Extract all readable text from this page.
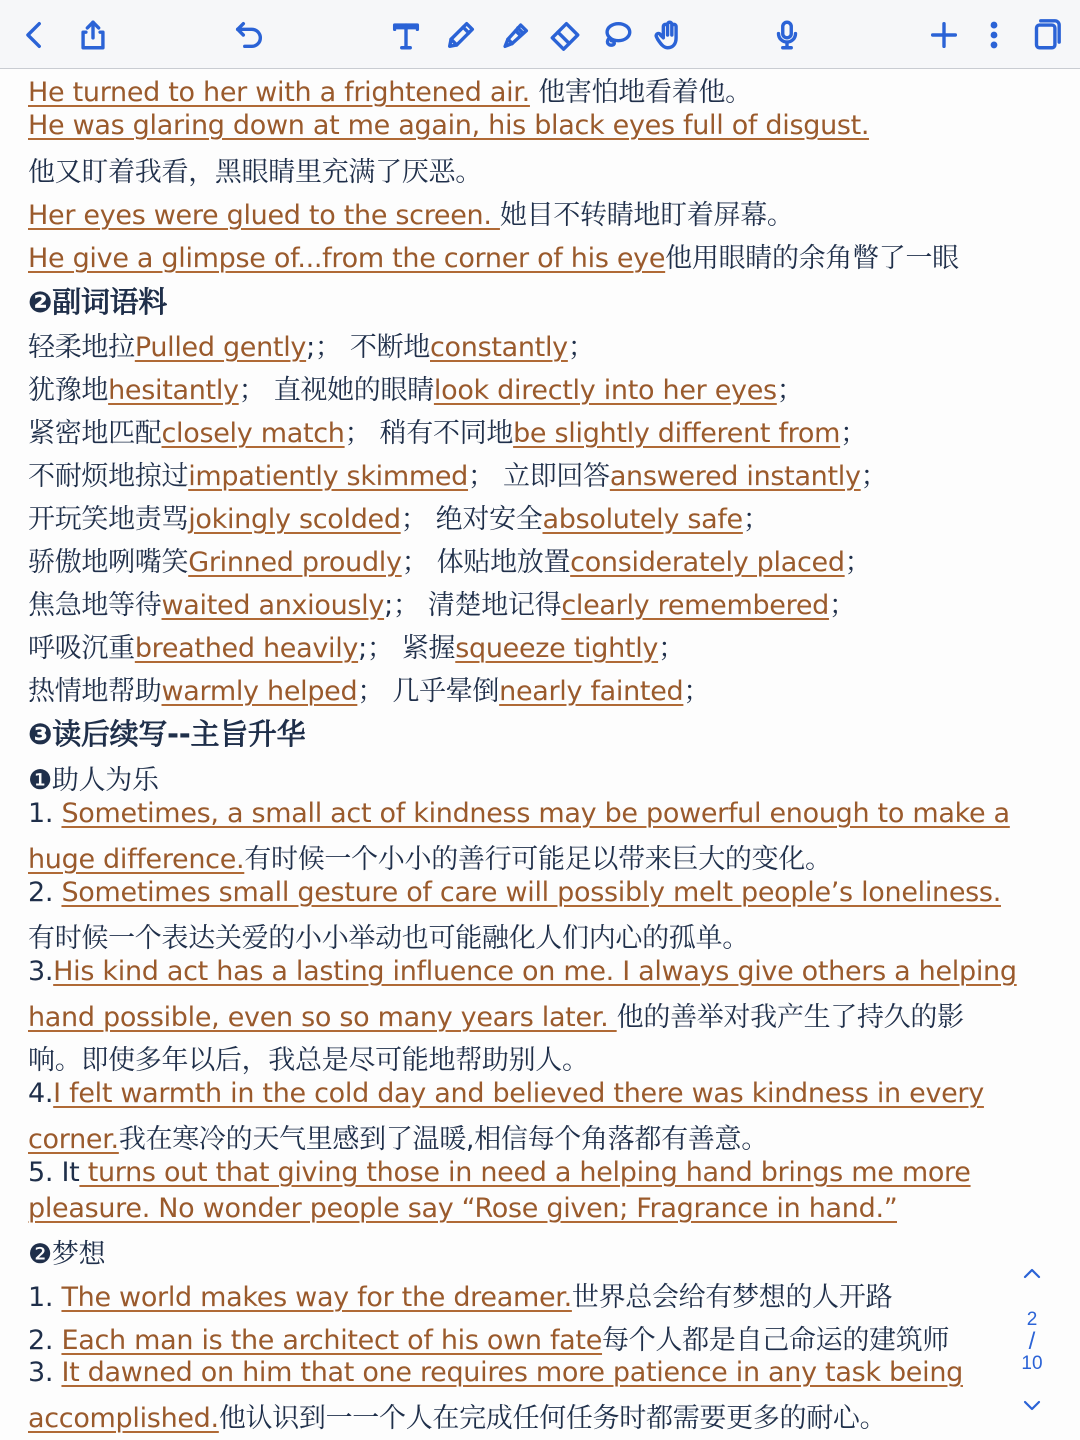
He turned to her with a frightened air. 他害怕地看着他。
He was glaring down at me again, his black eyes full of disgust.
他又盯着我看，黑眼睛里充满了厌恶。
Her eyes were glued to the screen. 她目不转睛地盯着屏幕。
He give a glimpse of...from the corner of his eye他用眼睛的余角瞥了一眼
❷副词语料
轻柔地拉Pulled gently;； 不断地constantly；
犹豫地hesitantly； 直视她的眼睛look directly into her eyes；
紧密地匹配closely match； 稍有不同地be slightly different from；
不耐烦地掠过impatiently skimmed； 立即回答answered instantly；
开玩笑地责骂jokingly scolded； 绝对安全absolutely safe；
骄傲地咧嘴笑Grinned proudly； 体贴地放置considerately placed；
焦急地等待waited anxiously;； 清楚地记得clearly remembered；
呼吸沉重breathed heavily;； 紧握squeeze tightly；
热情地帮助warmly helped； 几乎晕倒nearly fainted；
❸读后续写--主旨升华
❶助人为乐
1. Sometimes, a small act of kindness may be powerful enough to make a
huge difference.有时候一个小小的善行可能足以带来巨大的变化。
2. Sometimes small gesture of care will possibly melt people’s loneliness.
有时候一个表达关爱的小小举动也可能融化人们内心的孤单。
3.His kind act has a lasting influence on me. I always give others a helping
hand possible, even so so many years later. 他的善举对我产生了持久的影
响。即使多年以后，我总是尽可能地帮助别人。
4.I felt warmth in the cold day and believed there was kindness in every
corner.我在寒冷的天气里感到了温暖,相信每个角落都有善意。
5. It turns out that giving those in need a helping hand brings me more
pleasure. No wonder people say “Rose given; Fragrance in hand.”
❷梦想
1. The world makes way for the dreamer.世界总会给有梦想的人开路
2. Each man is the architect of his own fate每个人都是自己命运的建筑师
3. It dawned on him that one requires more patience in any task being
accomplished.他认识到一一个人在完成任何任务时都需要更多的耐心。
2
/
10
